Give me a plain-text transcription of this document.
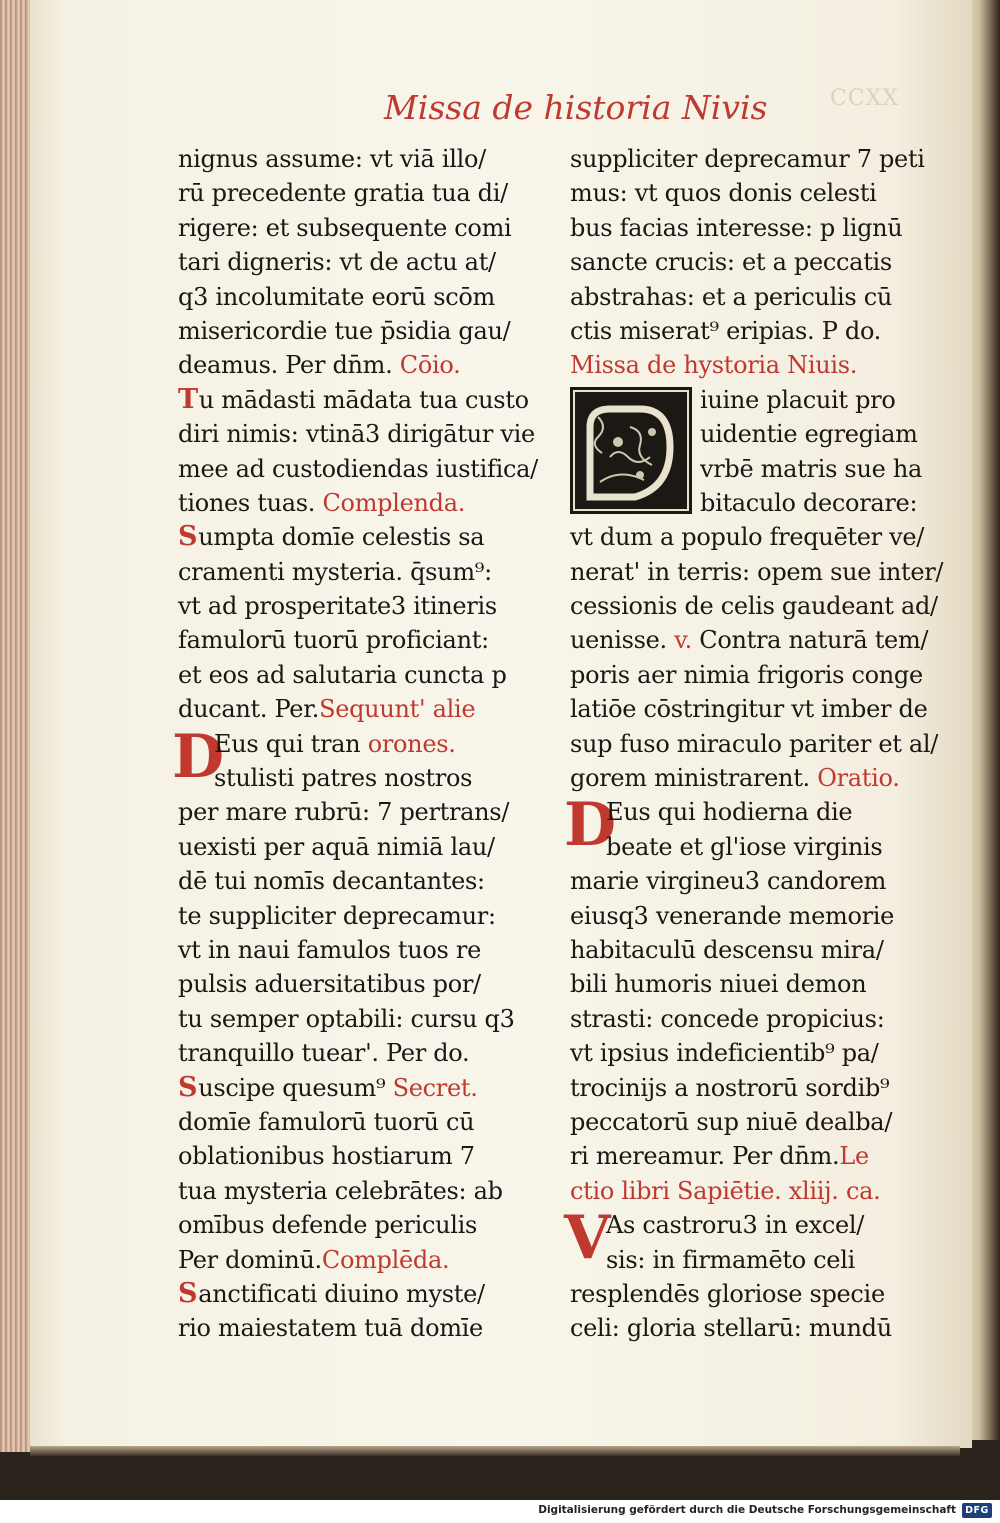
CCXX
Missa de historia Nivis
nignus assume: vt viā illo/
rū precedente gratia tua di/
rigere: et subsequente comi
tari digneris: vt de actu at/
q3 incolumitate eorū scōm
misericordie tue p̄sidia gau/
deamus. Per dn̄m. Cōio.
Tu mādasti mādata tua custo
diri nimis: vtinā3 dirigātur vie
mee ad custodiendas iustifica/
tiones tuas. Complenda.
Sumpta domīe celestis sa
cramenti mysteria. q̄sum⁹:
vt ad prosperitate3 itineris
famulorū tuorū proficiant:
et eos ad salutaria cuncta p
ducant. Per.Sequunt' alie
D
Eus qui tran orones.
stulisti patres nostros
per mare rubrū: 7 pertrans/
uexisti per aquā nimiā lau/
dē tui nomīs decantantes:
te suppliciter deprecamur:
vt in naui famulos tuos re
pulsis aduersitatibus por/
tu semper optabili: cursu q3
tranquillo tuear'. Per do.
Suscipe quesum⁹ Secret.
domīe famulorū tuorū cū
oblationibus hostiarum 7
tua mysteria celebrātes: ab
omībus defende periculis
Per dominū.Complēda.
Sanctificati diuino myste/
rio maiestatem tuā domīe
suppliciter deprecamur 7 peti
mus: vt quos donis celesti
bus facias interesse: p lignū
sancte crucis: et a peccatis
abstrahas: et a periculis cū
ctis miserat⁹ eripias. P do.
Missa de hystoria Niuis.
iuine placuit pro
uidentie egregiam
vrbē matris sue ha
bitaculo decorare:
vt dum a populo frequēter ve/
nerat' in terris: opem sue inter/
cessionis de celis gaudeant ad/
uenisse. v. Contra naturā tem/
poris aer nimia frigoris conge
latiōe cōstringitur vt imber de
sup fuso miraculo pariter et al/
gorem ministrarent. Oratio.
D
Eus qui hodierna die
beate et gl'iose virginis
marie virgineu3 candorem
eiusq3 venerande memorie
habitaculū descensu mira/
bili humoris niuei demon
strasti: concede propicius:
vt ipsius indeficientib⁹ pa/
trocinijs a nostrorū sordib⁹
peccatorū sup niuē dealba/
ri mereamur. Per dn̄m.Le
ctio libri Sapiētie. xliij. ca.
V
As castroru3 in excel/
sis: in firmamēto celi
resplendēs gloriose specie
celi: gloria stellarū: mundū
Digitalisierung gefördert durch die Deutsche Forschungsgemeinschaft DFG
